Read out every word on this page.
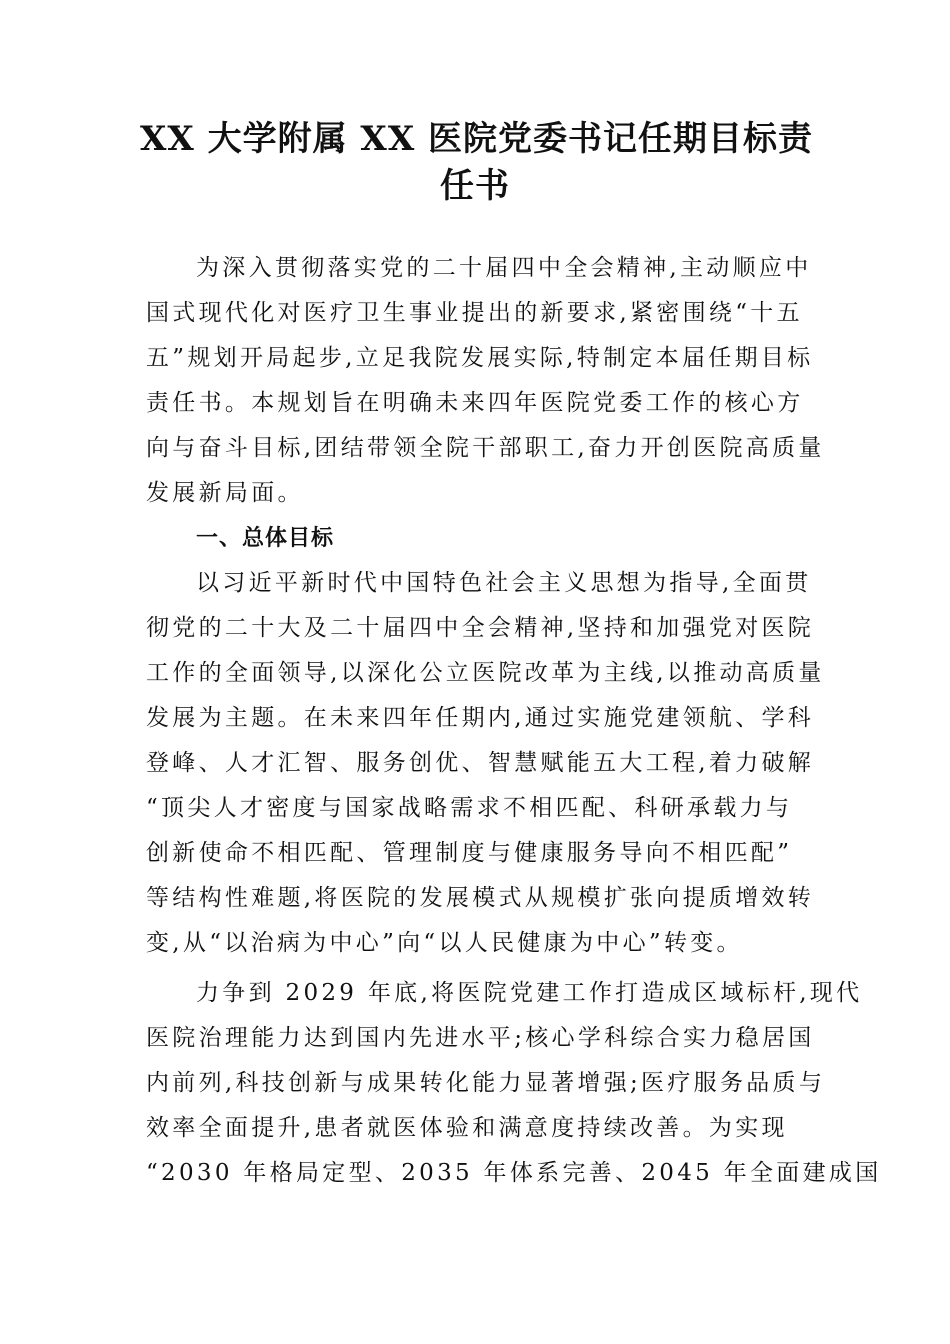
XX 大学附属 XX 医院党委书记任期目标责
任书

为深入贯彻落实党的二十届四中全会精神,主动顺应中
国式现代化对医疗卫生事业提出的新要求,紧密围绕“十五
五”规划开局起步,立足我院发展实际,特制定本届任期目标
责任书。本规划旨在明确未来四年医院党委工作的核心方
向与奋斗目标,团结带领全院干部职工,奋力开创医院高质量
发展新局面。

一、总体目标

以习近平新时代中国特色社会主义思想为指导,全面贯
彻党的二十大及二十届四中全会精神,坚持和加强党对医院
工作的全面领导,以深化公立医院改革为主线,以推动高质量
发展为主题。在未来四年任期内,通过实施党建领航、学科
登峰、人才汇智、服务创优、智慧赋能五大工程,着力破解
“顶尖人才密度与国家战略需求不相匹配、科研承载力与
创新使命不相匹配、管理制度与健康服务导向不相匹配”
等结构性难题,将医院的发展模式从规模扩张向提质增效转
变,从“以治病为中心”向“以人民健康为中心”转变。

力争到 2029 年底,将医院党建工作打造成区域标杆,现代
医院治理能力达到国内先进水平;核心学科综合实力稳居国
内前列,科技创新与成果转化能力显著增强;医疗服务品质与
效率全面提升,患者就医体验和满意度持续改善。为实现
“2030 年格局定型、2035 年体系完善、2045 年全面建成国
